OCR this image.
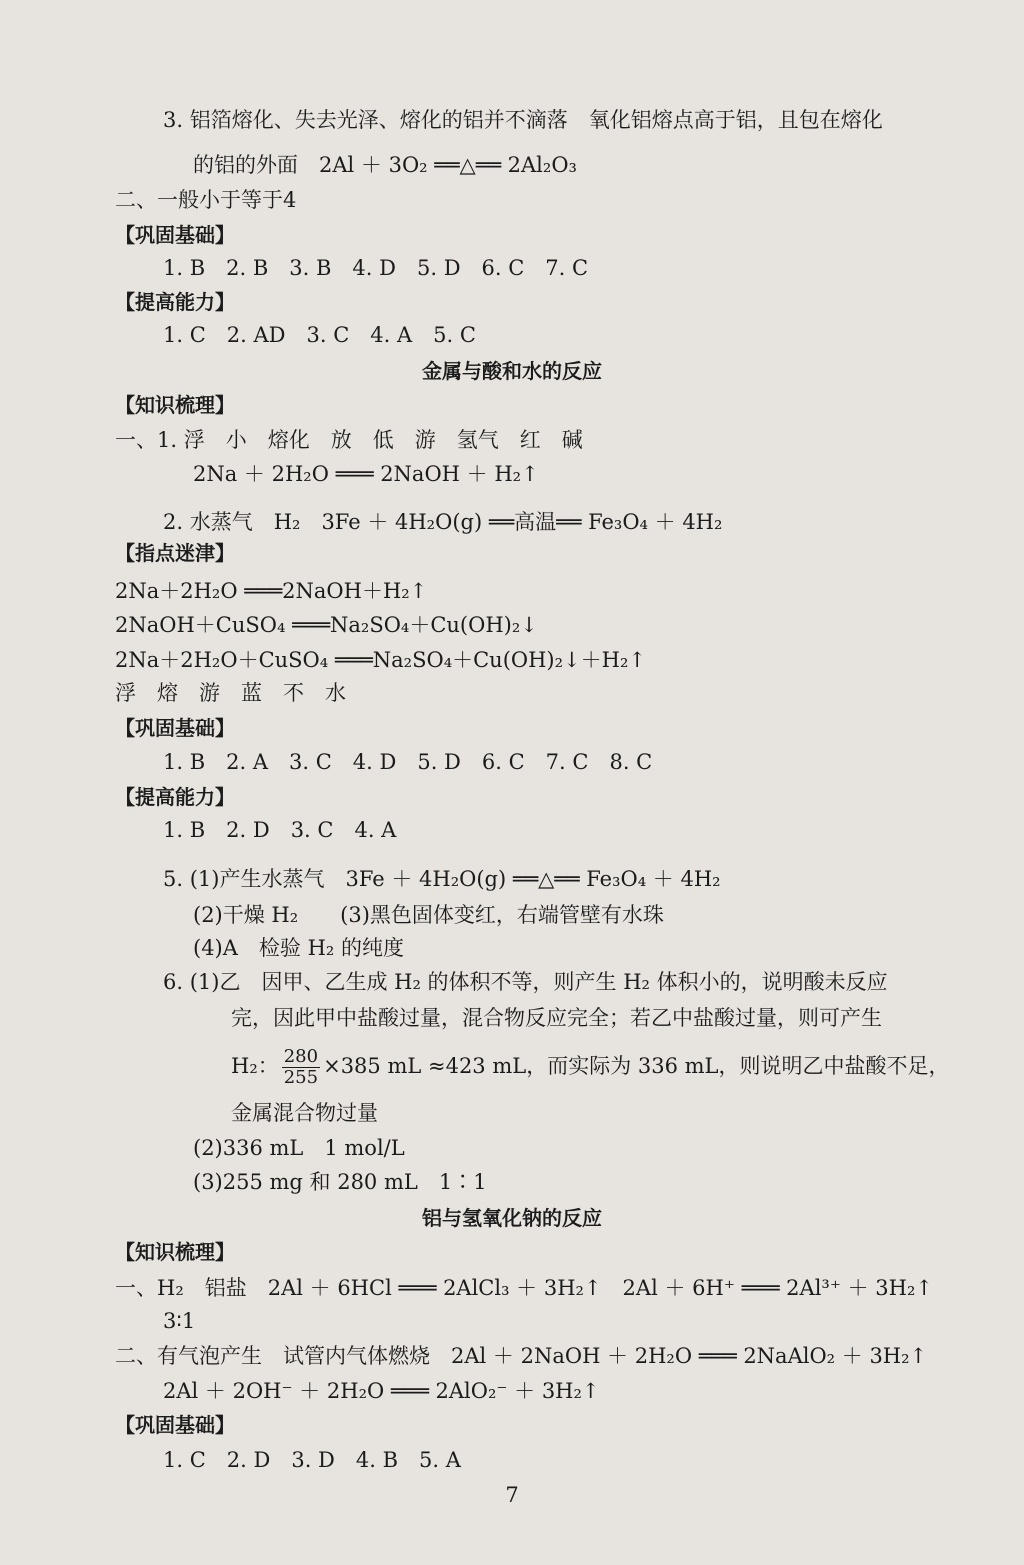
3. 铝箔熔化、失去光泽、熔化的铝并不滴落　氧化铝熔点高于铝，且包在熔化
的铝的外面　2Al ＋ 3O₂ ══△══ 2Al₂O₃
二、一般小于等于4
【巩固基础】
1. B　2. B　3. B　4. D　5. D　6. C　7. C
【提高能力】
1. C　2. AD　3. C　4. A　5. C
金属与酸和水的反应
【知识梳理】
一、1. 浮　小　熔化　放　低　游　氢气　红　碱
2Na ＋ 2H₂O ═══ 2NaOH ＋ H₂↑
2. 水蒸气　H₂　3Fe ＋ 4H₂O(g) ══高温══ Fe₃O₄ ＋ 4H₂
【指点迷津】
2Na＋2H₂O ═══2NaOH＋H₂↑
2NaOH＋CuSO₄ ═══Na₂SO₄＋Cu(OH)₂↓
2Na＋2H₂O＋CuSO₄ ═══Na₂SO₄＋Cu(OH)₂↓＋H₂↑
浮　熔　游　蓝　不　水
【巩固基础】
1. B　2. A　3. C　4. D　5. D　6. C　7. C　8. C
【提高能力】
1. B　2. D　3. C　4. A
5. (1)产生水蒸气　3Fe ＋ 4H₂O(g) ══△══ Fe₃O₄ ＋ 4H₂
(2)干燥 H₂　　(3)黑色固体变红，右端管壁有水珠
(4)A　检验 H₂ 的纯度
6. (1)乙　因甲、乙生成 H₂ 的体积不等，则产生 H₂ 体积小的，说明酸未反应
完，因此甲中盐酸过量，混合物反应完全；若乙中盐酸过量，则可产生
H₂： $\frac{280}{255} \times 385$ mL ≈423 mL，而实际为 336 mL，则说明乙中盐酸不足，
金属混合物过量
(2)336 mL　1 mol/L
(3)255 mg 和 280 mL　1∶1
铝与氢氧化钠的反应
【知识梳理】
一、H₂　铝盐　2Al ＋ 6HCl ═══ 2AlCl₃ ＋ 3H₂↑　2Al ＋ 6H⁺ ═══ 2Al³⁺ ＋ 3H₂↑
3∶1
二、有气泡产生　试管内气体燃烧　2Al ＋ 2NaOH ＋ 2H₂O ═══ 2NaAlO₂ ＋ 3H₂↑
2Al ＋ 2OH⁻ ＋ 2H₂O ═══ 2AlO₂⁻ ＋ 3H₂↑
【巩固基础】
1. C　2. D　3. D　4. B　5. A
7
